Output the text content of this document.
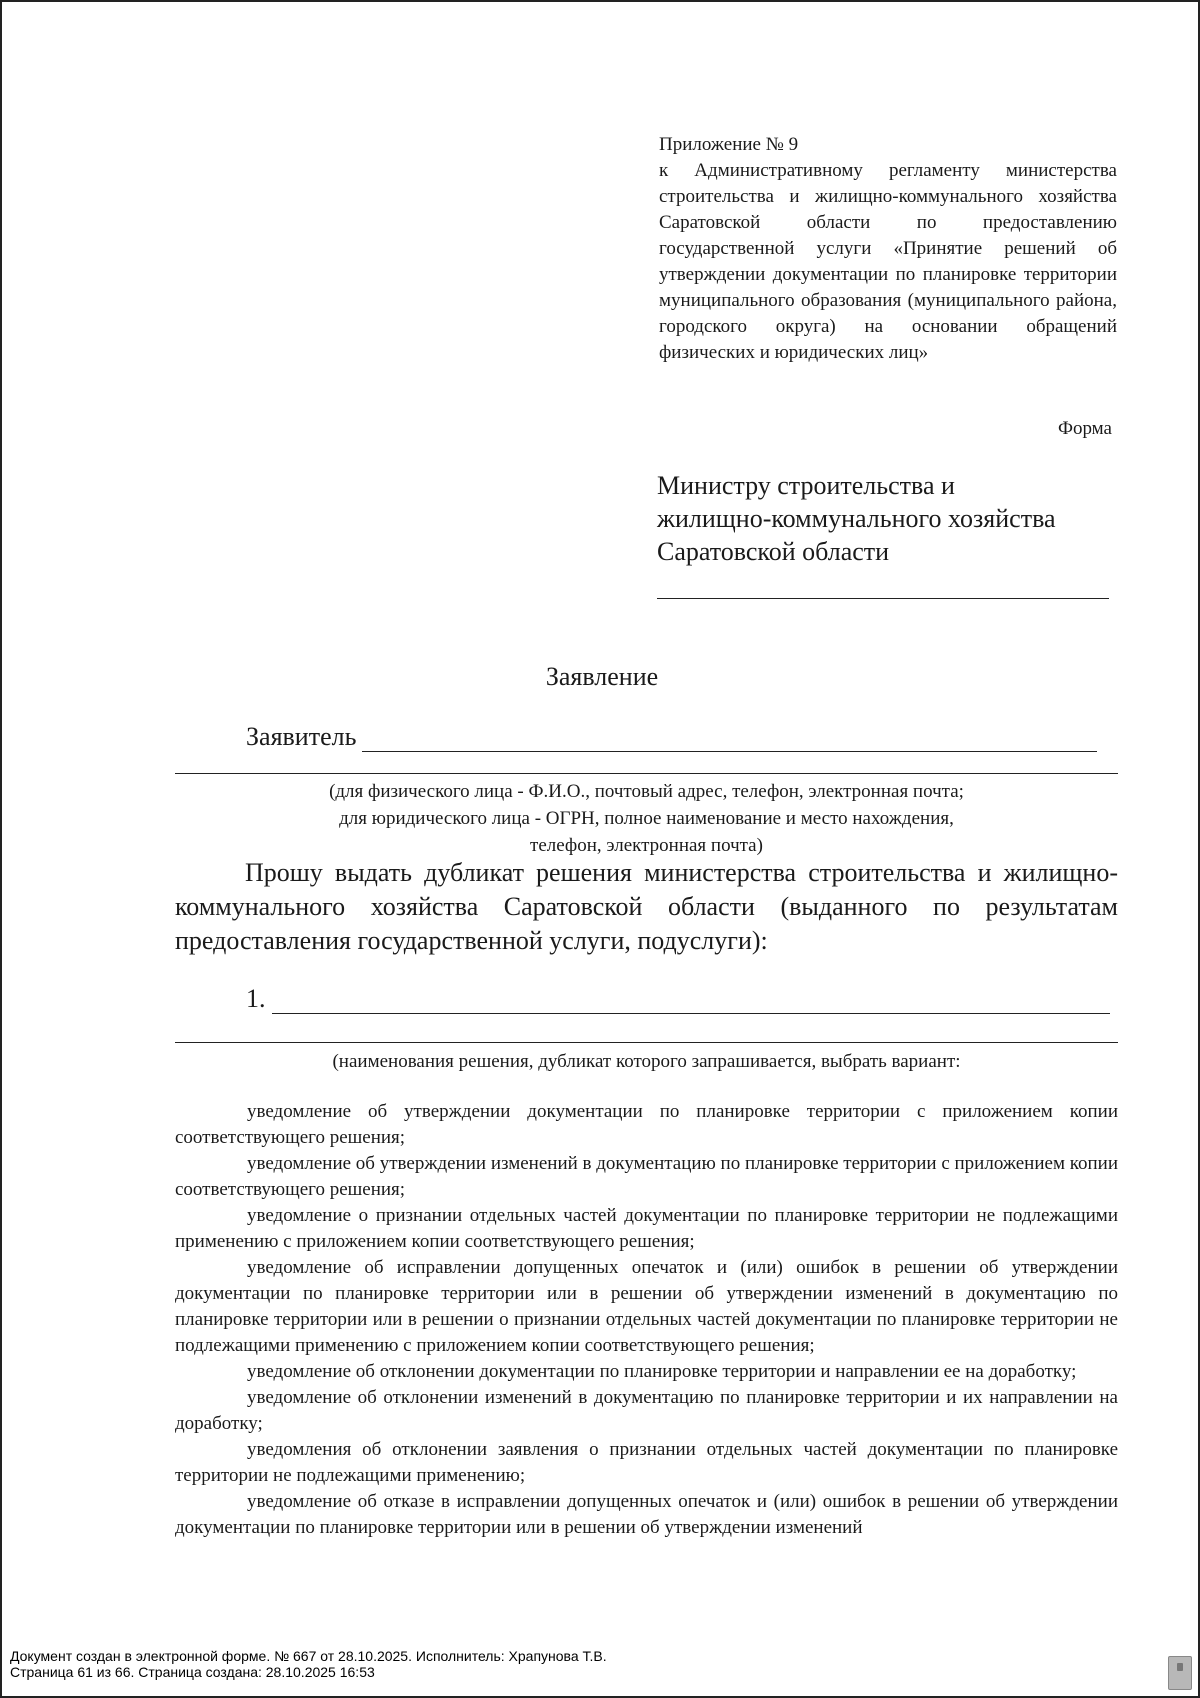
Приложение № 9
к Административному регламенту министерства строительства и жилищно-коммунального хозяйства Саратовской области по предоставлению государственной услуги «Принятие решений об утверждении документации по планировке территории муниципального образования (муниципального района, городского округа) на основании обращений физических и юридических лиц»
Форма
Министру строительства и
жилищно-коммунального хозяйства
Саратовской области
Заявление
Заявитель
(для физического лица - Ф.И.О., почтовый адрес, телефон, электронная почта;
для юридического лица - ОГРН, полное наименование и место нахождения,
телефон, электронная почта)
Прошу выдать дубликат решения министерства строительства и жилищно-коммунального хозяйства Саратовской области (выданного по результатам предоставления государственной услуги, подуслуги):
1.
(наименования решения, дубликат которого запрашивается, выбрать вариант:

уведомление об утверждении документации по планировке территории с приложением копии соответствующего решения;

уведомление об утверждении изменений в документацию по планировке территории с приложением копии соответствующего решения;

уведомление о признании отдельных частей документации по планировке территории не подлежащими применению с приложением копии соответствующего решения;

уведомление об исправлении допущенных опечаток и (или) ошибок в решении об утверждении документации по планировке территории или в решении об утверждении изменений в документацию по планировке территории или в решении о признании отдельных частей документации по планировке территории не подлежащими применению с приложением копии соответствующего решения;

уведомление об отклонении документации по планировке территории и направлении ее на доработку;

уведомление об отклонении изменений в документацию по планировке территории и их направлении на доработку;

уведомления об отклонении заявления о признании отдельных частей документации по планировке территории не подлежащими применению;

уведомление об отказе в исправлении допущенных опечаток и (или) ошибок в решении об утверждении документации по планировке территории или в решении об утверждении изменений

Документ создан в электронной форме. № 667 от 28.10.2025. Исполнитель: Храпунова Т.В.
Страница 61 из 66. Страница создана: 28.10.2025 16:53
